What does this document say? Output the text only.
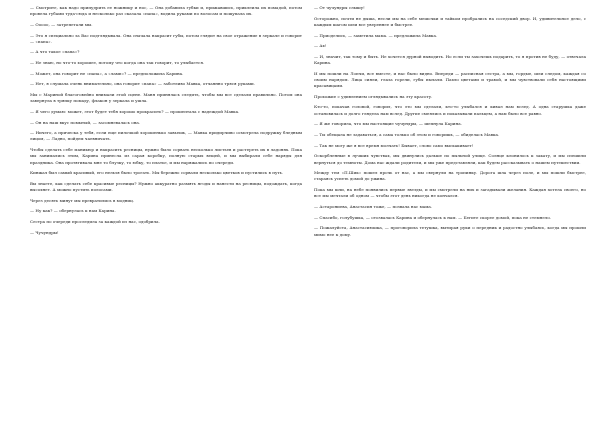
— Смотрите, как надо припудрить ее ножницу и нос, — Она добавила губки и, прижавшись, приклеила их помадой, потом провела губами туда-сюда и несколько раз сказала «папа», водила руками по волосам и пощупала их.

— Ооооо, — затрепетали мы.

— Это я специально за Вас подглядывала. Она сначала накрасит губы, потом глядит на свое отражение в зеркале и говорит — «папа».

— А что такое «папа»?

— Не знаю, но что-то хорошее, потому что когда она так говорит, то улыбается.

— Может, она говорит не «папа», а «ламп»? — предположила Карина.

— Нет, я слушала очень внимательно, она говорит «папа» — заботливо Мавка, отчаянно тряся руками.

Мы с Мариной благоговейно внимали этой сцене. Маня принялась следить, чтобы мы все сделали правильно. Потом она завернула в тряпку помаду, флакон у зеркала и ушла.

— Я чего думаю: может, этот будет тебя хорошо прокрасить? — прошептала с надеждой Мавка.

— Он на наш вкус помытый, — засомневалась она.

— Ничего, а прическа у тебя, если еще пилочкой хорошенько завьешь, — Мавка придирчиво осмотрела подружку бледным лицом, — Ладно, пойдем чаевничать.

Чтобы сделать себе маникюр и накрасить ресницы, нужно было сорвать несколько листьев и растереть их в ладонях. Пока мы занимались этим, Карина принесла из сарая коробку, полную старых вещей, и мы выбирали себе наряды для праздника. Она протягивала мне то блузку, то юбку, то платье, и мы наряжались по очереди.

Кинжал был самый красивый, его нельзя было трогать. Мы бережно сорвали несколько цветков и пустились в путь.

Вы знаете, как сделать себе красивые ресницы? Нужно аккуратно размять ягоды и нанести на ресницы, подождать, когда высохнет. А можно пустить полосами.

Через десять минут мы превратились в модниц.

— Ну как? — обернулась к нам Карина.

Сестра по очереди проследила за каждой из нас, одобрила.

— Чучундры!

— От чучундры слышу!

Осторожно, почти не дыша, несли мы на себе мешочки и тайком пробрались на соседский двор. И, удивительное дело, с каждым шагом шли все увереннее и быстрее.

— Приоделись, — заметила мама. — предложила Мавка.

— Ах!

— И, значит, так тому и быть. Не хочется дурной выводить. Но если ты захочешь подарить, то я против не буду, — отвечала Карина.

И мы пошли на Лопчи, все вместе, и нас было видно. Впереди — расписная сестра, а мы, гордые, шли следом, каждая со своим нарядом. Лица сияли, глаза горели, губы пылали. Пахло цветами и травой, и мы чувствовали себя настоящими красавицами.

Прохожие с удивлением оглядывались на эту красоту.

Кто-то, покачав головой, говорил, что это мы сделали, кто-то улыбался и кивал нам вслед. А одна старушка даже остановилась и долго глядела нам вслед. Другие смеялись и показывали пальцем, а нам было все равно.

— Я же говорила, что мы настоящие чучундры, — шепнула Карина.

— Ты обещала не задаваться, а сама только об этом и говоришь, — обиделась Мавка.

— Так не могу же я все время молчать! Бывает, слово само выскакивает!

Оскорбленные в лучших чувствах, мы двинулись дальше по пыльной улице. Солнце клонилось к закату, и мы спешили вернуться до темноты. Дома нас ждали родители, и мы уже представляли, как будем рассказывать о нашем путешествии.

Между тем «П.Шик» пошел прочь от нас, а мы свернули на тропинку. Дорога шла через поле, и мы пошли быстрее, стараясь успеть домой до ужина.

Пока мы шли, на небе появились первые звезды, и мы смотрели на них и загадывали желания. Каждая хотела своего, но все мы мечтали об одном — чтобы этот день никогда не кончался.

— Астарониева, Анастасия тоже, — позвала нас мама.

— Спасибо, голубушка, — отозвалась Карина и обернулась к нам. — Бегите скорее домой, пока не стемнело.

— Пожалуйста, Анастасиюшка, — проговорила тетушка, вытирая руки о передник и радостно улыбаясь, когда мы прошли мимо нее к дому.
